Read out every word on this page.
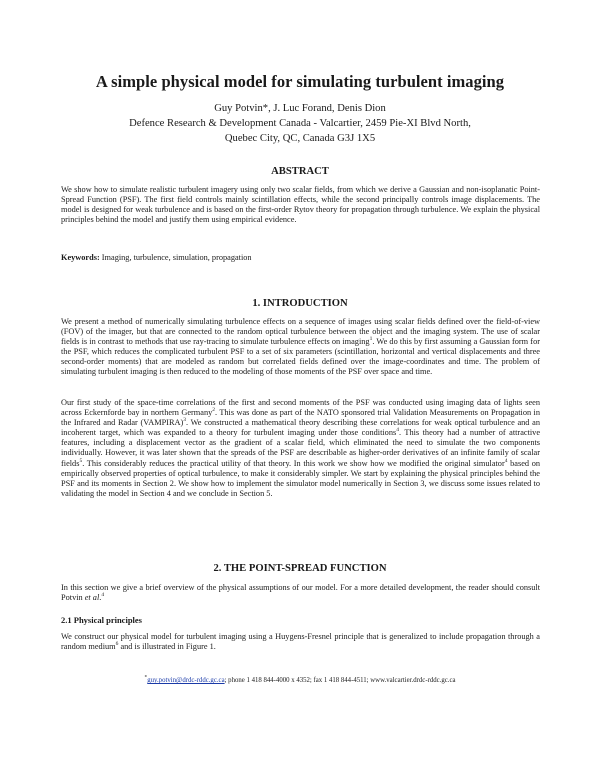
A simple physical model for simulating turbulent imaging
Guy Potvin*, J. Luc Forand, Denis Dion
Defence Research & Development Canada - Valcartier, 2459 Pie-XI Blvd North,
Quebec City, QC, Canada G3J 1X5
ABSTRACT
We show how to simulate realistic turbulent imagery using only two scalar fields, from which we derive a Gaussian and non-isoplanatic Point-Spread Function (PSF). The first field controls mainly scintillation effects, while the second principally controls image displacements. The model is designed for weak turbulence and is based on the first-order Rytov theory for propagation through turbulence. We explain the physical principles behind the model and justify them using empirical evidence.
Keywords: Imaging, turbulence, simulation, propagation
1. INTRODUCTION
We present a method of numerically simulating turbulence effects on a sequence of images using scalar fields defined over the field-of-view (FOV) of the imager, but that are connected to the random optical turbulence between the object and the imaging system. The use of scalar fields is in contrast to methods that use ray-tracing to simulate turbulence effects on imaging$^1$. We do this by first assuming a Gaussian form for the PSF, which reduces the complicated turbulent PSF to a set of six parameters (scintillation, horizontal and vertical displacements and three second-order moments) that are modeled as random but correlated fields defined over the image-coordinates and time. The problem of simulating turbulent imaging is then reduced to the modeling of those moments of the PSF over space and time.
Our first study of the space-time correlations of the first and second moments of the PSF was conducted using imaging data of lights seen across Eckernforde bay in northern Germany$^2$. This was done as part of the NATO sponsored trial Validation Measurements on Propagation in the Infrared and Radar (VAMPIRA)$^3$. We constructed a mathematical theory describing these correlations for weak optical turbulence and an incoherent target, which was expanded to a theory for turbulent imaging under those conditions$^4$. This theory had a number of attractive features, including a displacement vector as the gradient of a scalar field, which eliminated the need to simulate the two components individually. However, it was later shown that the spreads of the PSF are describable as higher-order derivatives of an infinite family of scalar fields$^5$. This considerably reduces the practical utility of that theory. In this work we show how we modified the original simulator$^4$ based on empirically observed properties of optical turbulence, to make it considerably simpler. We start by explaining the physical principles behind the PSF and its moments in Section 2. We show how to implement the simulator model numerically in Section 3, we discuss some issues related to validating the model in Section 4 and we conclude in Section 5.
2. THE POINT-SPREAD FUNCTION
In this section we give a brief overview of the physical assumptions of our model. For a more detailed development, the reader should consult Potvin et al.$^4$
2.1 Physical principles
We construct our physical model for turbulent imaging using a Huygens-Fresnel principle that is generalized to include propagation through a random medium$^6$ and is illustrated in Figure 1.
*guy.potvin@drdc-rddc.gc.ca; phone 1 418 844-4000 x 4352; fax 1 418 844-4511; www.valcartier.drdc-rddc.gc.ca
